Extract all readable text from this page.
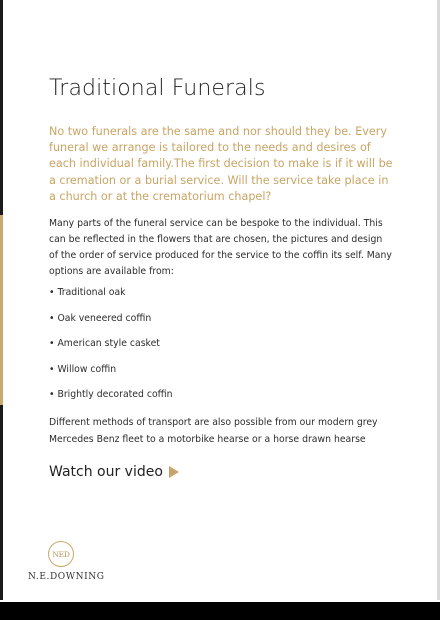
Traditional Funerals

No two funerals are the same and nor should they be. Every funeral we arrange is tailored to the needs and desires of each individual family.The first decision to make is if it will be a cremation or a burial service. Will the service take place in a church or at the crematorium chapel?

Many parts of the funeral service can be bespoke to the individual. This can be reflected in the flowers that are chosen, the pictures and design of the order of service produced for the service to the coffin its self. Many options are available from:

• Traditional oak
• Oak veneered coffin
• American style casket
• Willow coffin
• Brightly decorated coffin

Different methods of transport are also possible from our modern grey Mercedes Benz fleet to a motorbike hearse or a horse drawn hearse

Watch our video
NED
N.E.DOWNING
